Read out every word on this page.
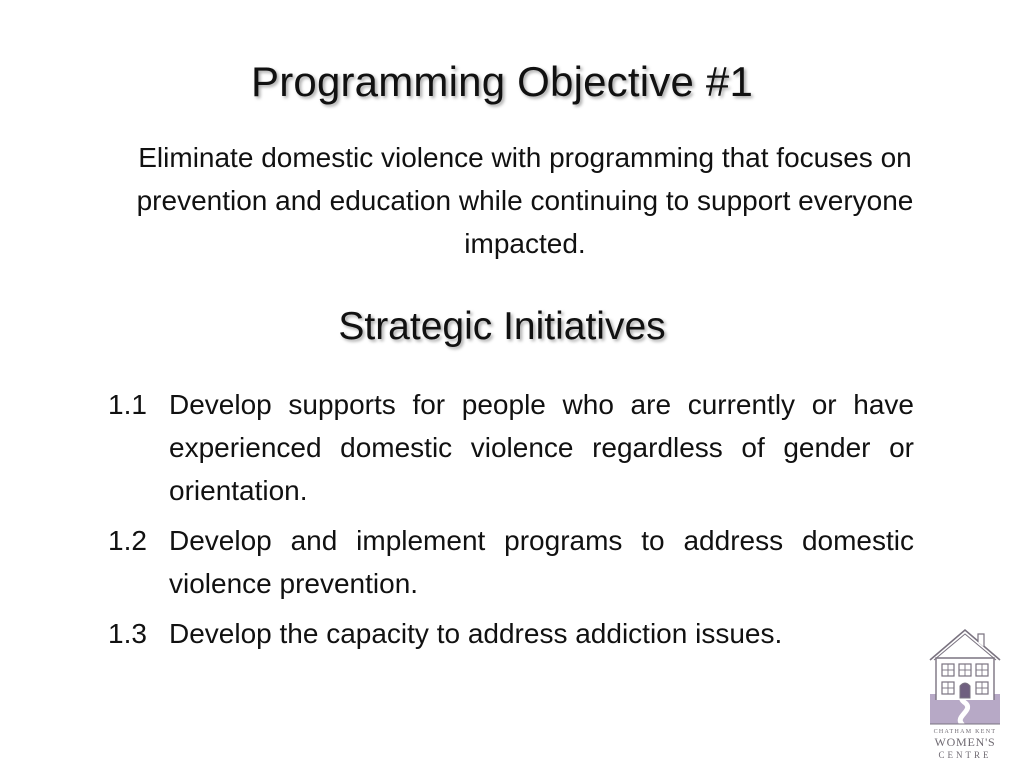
Programming Objective #1
Eliminate domestic violence with programming that focuses on prevention and education while continuing to support everyone impacted.
Strategic Initiatives
1.1 Develop supports for people who are currently or have experienced domestic violence regardless of gender or orientation.
1.2 Develop and implement programs to address domestic violence prevention.
1.3 Develop the capacity to address addiction issues.
CHATHAM KENT
WOMEN'S
CENTRE
